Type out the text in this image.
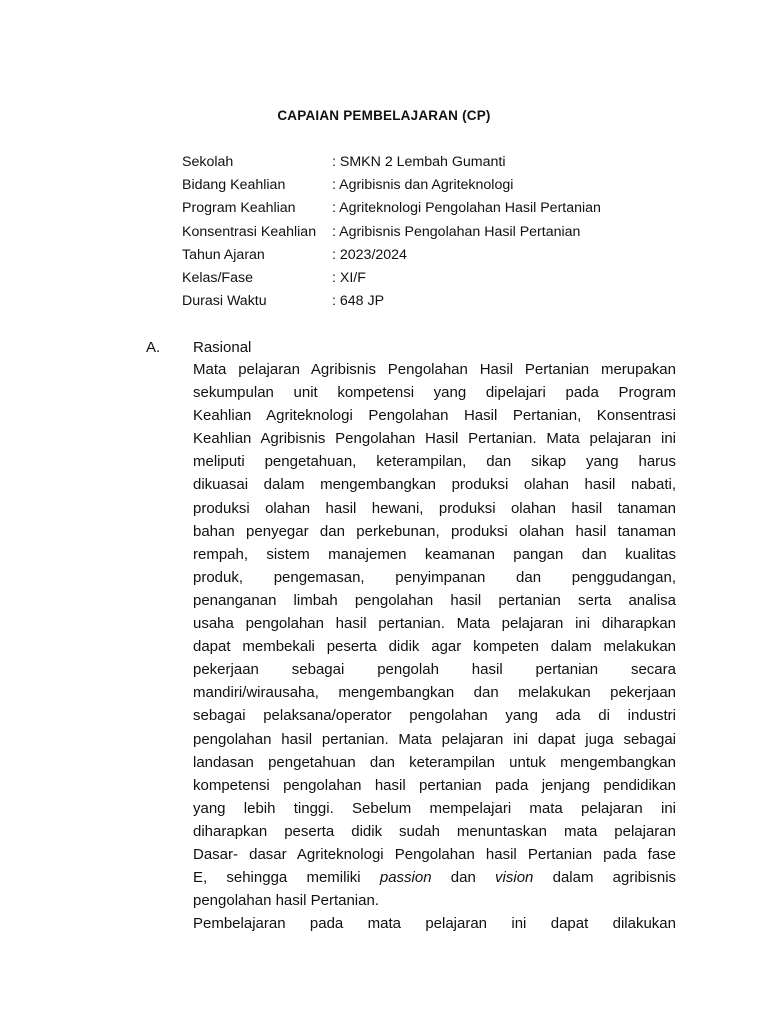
CAPAIAN PEMBELAJARAN (CP)
Sekolah	: SMKN 2 Lembah Gumanti
Bidang Keahlian	: Agribisnis dan Agriteknologi
Program Keahlian	: Agriteknologi Pengolahan Hasil Pertanian
Konsentrasi Keahlian	: Agribisnis Pengolahan Hasil Pertanian
Tahun Ajaran	: 2023/2024
Kelas/Fase	: XI/F
Durasi Waktu	: 648 JP
A.	Rasional
Mata pelajaran Agribisnis Pengolahan Hasil Pertanian merupakan
sekumpulan unit kompetensi yang dipelajari pada Program
Keahlian Agriteknologi Pengolahan Hasil Pertanian, Konsentrasi
Keahlian Agribisnis Pengolahan Hasil Pertanian. Mata pelajaran ini
meliputi pengetahuan, keterampilan, dan sikap yang harus
dikuasai dalam mengembangkan produksi olahan hasil nabati,
produksi olahan hasil hewani, produksi olahan hasil tanaman
bahan penyegar dan perkebunan, produksi olahan hasil tanaman
rempah, sistem manajemen keamanan pangan dan kualitas
produk, pengemasan, penyimpanan dan penggudangan,
penanganan limbah pengolahan hasil pertanian serta analisa
usaha pengolahan hasil pertanian. Mata pelajaran ini diharapkan
dapat membekali peserta didik agar kompeten dalam melakukan
pekerjaan sebagai pengolah hasil pertanian secara
mandiri/wirausaha, mengembangkan dan melakukan pekerjaan
sebagai pelaksana/operator pengolahan yang ada di industri
pengolahan hasil pertanian. Mata pelajaran ini dapat juga sebagai
landasan pengetahuan dan keterampilan untuk mengembangkan
kompetensi pengolahan hasil pertanian pada jenjang pendidikan
yang lebih tinggi. Sebelum mempelajari mata pelajaran ini
diharapkan peserta didik sudah menuntaskan mata pelajaran
Dasar- dasar Agriteknologi Pengolahan hasil Pertanian pada fase
E, sehingga memiliki passion dan vision dalam agribisnis
pengolahan hasil Pertanian.
Pembelajaran pada mata pelajaran ini dapat dilakukan
